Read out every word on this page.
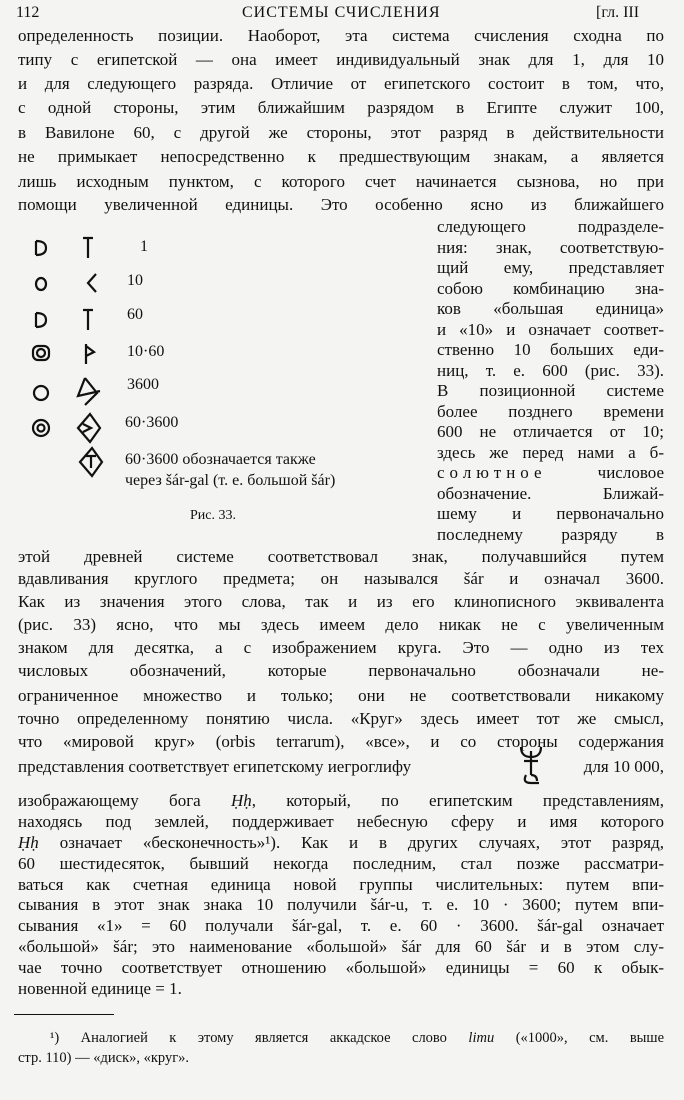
112	СИСТЕМЫ СЧИСЛЕНИЯ	[гл. III
определенность позиции. Наоборот, эта система счисления сходна по
типу с египетской — она имеет индивидуальный знак для 1, для 10
и для следующего разряда. Отличие от египетского состоит в том, что,
с одной стороны, этим ближайшим разрядом в Египте служит 100,
в Вавилоне 60, с другой же стороны, этот разряд в действительности
не примыкает непосредственно к предшествующим знакам, а является
лишь исходным пунктом, с которого счет начинается сызнова, но при
помощи увеличенной единицы. Это особенно ясно из ближайшего
следующего подразделе-
ния: знак, соответствую-
щий ему, представляет
собою комбинацию зна-
ков «большая единица»
и «10» и означает соответ-
ственно 10 больших еди-
ниц, т. е. 600 (рис. 33).
В позиционной системе
более позднего времени
600 не отличается от 10;
здесь же перед нами а б-
солютное	числовое
обозначение. Ближай-
шему и первоначально
последнему разряду в
1
10
60
10·60
3600
60·3600
60·3600 обозначается также
через šár-gal (т. е. большой šár)
Рис. 33.
этой древней системе соответствовал знак, получавшийся путем
вдавливания круглого предмета; он назывался šár и означал 3600.
Как из значения этого слова, так и из его клинописного эквивалента
(рис. 33) ясно, что мы здесь имеем дело никак не с увеличенным
знаком для десятка, а с изображением круга. Это — одно из тех
числовых обозначений, которые первоначально обозначали не-
ограниченное множество и только; они не соответствовали никакому
точно определенному понятию числа. «Круг» здесь имеет тот же смысл,
что «мировой круг» (orbis terrarum), «все», и со стороны содержания
представления соответствует египетскому иегроглифу	для 10 000,
изображающему бога Ḥḥ, который, по египетским представлениям,
находясь под землей, поддерживает небесную сферу и имя которого
Ḥḥ означает «бесконечность»¹). Как и в других случаях, этот разряд,
60 шестидесяток, бывший некогда последним, стал позже рассматри-
ваться как счетная единица новой группы числительных: путем впи-
сывания в этот знак знака 10 получили šár-u, т. е. 10 · 3600; путем впи-
сывания «1» = 60 получали šár-gal, т. е. 60 · 3600. šár-gal означает
«большой» šár; это наименование «большой» šár для 60 šár и в этом слу-
чае точно соответствует отношению «большой» единицы = 60 к обык-
новенной единице = 1.
¹) Аналогией к этому является аккадское слово limu («1000», см. выше
стр. 110) — «диск», «круг».
